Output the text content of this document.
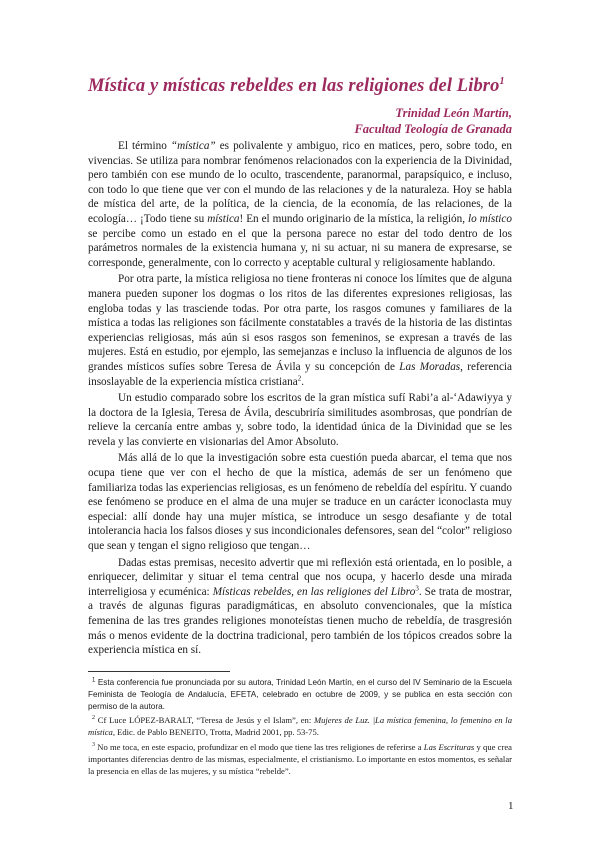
Mística y místicas rebeldes en las religiones del Libro$^1$
Trinidad León Martín,
Facultad Teología de Granada

El término “mística” es polivalente y ambiguo, rico en matices, pero, sobre todo, en vivencias. Se utiliza para nombrar fenómenos relacionados con la experiencia de la Divinidad, pero también con ese mundo de lo oculto, trascendente, paranormal, parapsíquico, e incluso, con todo lo que tiene que ver con el mundo de las relaciones y de la naturaleza. Hoy se habla de mística del arte, de la política, de la ciencia, de la economía, de las relaciones, de la ecología… ¡Todo tiene su mística! En el mundo originario de la mística, la religión, lo místico se percibe como un estado en el que la persona parece no estar del todo dentro de los parámetros normales de la existencia humana y, ni su actuar, ni su manera de expresarse, se corresponde, generalmente, con lo correcto y aceptable cultural y religiosamente hablando.

Por otra parte, la mística religiosa no tiene fronteras ni conoce los límites que de alguna manera pueden suponer los dogmas o los ritos de las diferentes expresiones religiosas, las engloba todas y las trasciende todas. Por otra parte, los rasgos comunes y familiares de la mística a todas las religiones son fácilmente constatables a través de la historia de las distintas experiencias religiosas, más aún si esos rasgos son femeninos, se expresan a través de las mujeres. Está en estudio, por ejemplo, las semejanzas e incluso la influencia de algunos de los grandes místicos sufíes sobre Teresa de Ávila y su concepción de Las Moradas, referencia insoslayable de la experiencia mística cristiana$^2$.

Un estudio comparado sobre los escritos de la gran mística sufí Rabi’a al-‘Adawiyya y la doctora de la Iglesia, Teresa de Ávila, descubriría similitudes asombrosas, que pondrían de relieve la cercanía entre ambas y, sobre todo, la identidad única de la Divinidad que se les revela y las convierte en visionarias del Amor Absoluto.

Más allá de lo que la investigación sobre esta cuestión pueda abarcar, el tema que nos ocupa tiene que ver con el hecho de que la mística, además de ser un fenómeno que familiariza todas las experiencias religiosas, es un fenómeno de rebeldía del espíritu. Y cuando ese fenómeno se produce en el alma de una mujer se traduce en un carácter iconoclasta muy especial: allí donde hay una mujer mística, se introduce un sesgo desafiante y de total intolerancia hacia los falsos dioses y sus incondicionales defensores, sean del “color” religioso que sean y tengan el signo religioso que tengan…

Dadas estas premisas, necesito advertir que mi reflexión está orientada, en lo posible, a enriquecer, delimitar y situar el tema central que nos ocupa, y hacerlo desde una mirada interreligiosa y ecuménica: Místicas rebeldes, en las religiones del Libro$^3$. Se trata de mostrar, a través de algunas figuras paradigmáticas, en absoluto convencionales, que la mística femenina de las tres grandes religiones monoteístas tienen mucho de rebeldía, de trasgresión más o menos evidente de la doctrina tradicional, pero también de los tópicos creados sobre la experiencia mística en sí.

$^1$ Esta conferencia fue pronunciada por su autora, Trinidad León Martín, en el curso del IV Seminario de la Escuela Feminista de Teología de Andalucía, EFETA, celebrado en octubre de 2009, y se publica en esta sección con permiso de la autora.

$^2$ Cf Luce LÓPEZ-BARALT, “Teresa de Jesús y el Islam”, en: Mujeres de Luz. |La mística femenina, lo femenino en la mística, Edic. de Pablo BENEITO, Trotta, Madrid 2001, pp. 53-75.

$^3$ No me toca, en este espacio, profundizar en el modo que tiene las tres religiones de referirse a Las Escrituras y que crea importantes diferencias dentro de las mismas, especialmente, el cristianismo. Lo importante en estos momentos, es señalar la presencia en ellas de las mujeres, y su mística “rebelde”.

1
